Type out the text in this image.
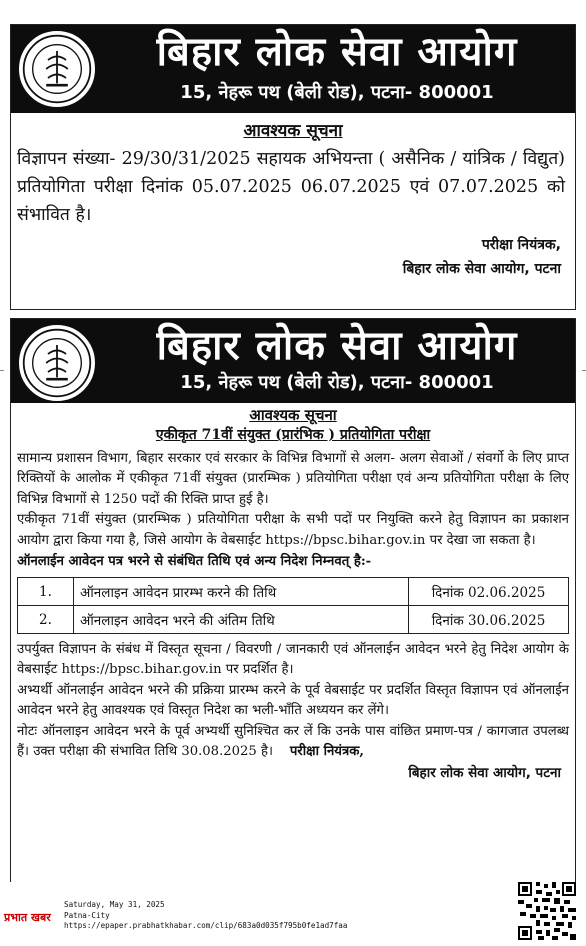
बिहार लोक सेवा आयोग
15, नेहरू पथ (बेली रोड), पटना- 800001
आवश्यक सूचना
विज्ञापन संख्या- 29/30/31/2025 सहायक अभियन्ता ( असैनिक / यांत्रिक / विद्युत) प्रतियोगिता परीक्षा दिनांक 05.07.2025 06.07.2025 एवं 07.07.2025 को संभावित है।
परीक्षा नियंत्रक,
बिहार लोक सेवा आयोग, पटना
बिहार लोक सेवा आयोग
15, नेहरू पथ (बेली रोड), पटना- 800001
आवश्यक सूचना
एकीकृत 71वीं संयुक्त (प्रारंभिक ) प्रतियोगिता परीक्षा
सामान्य प्रशासन विभाग, बिहार सरकार एवं सरकार के विभिन्न विभागों से अलग- अलग सेवाओं / संवर्गो के लिए प्राप्त रिक्तियों के आलोक में एकीकृत 71वीं संयुक्त (प्रारम्भिक ) प्रतियोगिता परीक्षा एवं अन्य प्रतियोगिता परीक्षा के लिए विभिन्न विभागों से 1250 पदों की रिक्ति प्राप्त हुई है।
एकीकृत 71वीं संयुक्त (प्रारम्भिक ) प्रतियोगिता परीक्षा के सभी पदों पर नियुक्ति करने हेतु विज्ञापन का प्रकाशन आयोग द्वारा किया गया है, जिसे आयोग के वेबसाईट https://bpsc.bihar.gov.in पर देखा जा सकता है।
ऑनलाईन आवेदन पत्र भरने से संबंधित तिथि एवं अन्य निदेश निम्नवत् है:-
1.	ऑनलाइन आवेदन प्रारम्भ करने की तिथि	दिनांक 02.06.2025
2.	ऑनलाइन आवेदन भरने की अंतिम तिथि	दिनांक 30.06.2025
उपर्युक्त विज्ञापन के संबंध में विस्तृत सूचना / विवरणी / जानकारी एवं ऑनलाईन आवेदन भरने हेतु निदेश आयोग के वेबसाईट https://bpsc.bihar.gov.in पर प्रदर्शित है।
अभ्यर्थी ऑनलाईन आवेदन भरने की प्रक्रिया प्रारम्भ करने के पूर्व वेबसाईट पर प्रदर्शित विस्तृत विज्ञापन एवं ऑनलाईन आवेदन भरने हेतु आवश्यक एवं विस्तृत निदेश का भली-भाँति अध्ययन कर लेंगे।
नोटः ऑनलाइन आवेदन भरने के पूर्व अभ्यर्थी सुनिश्चित कर लें कि उनके पास वांछित प्रमाण-पत्र / कागजात उपलब्ध हैं। उक्त परीक्षा की संभावित तिथि 30.08.2025 है। परीक्षा नियंत्रक,
बिहार लोक सेवा आयोग, पटना
प्रभात खबर
Saturday, May 31, 2025
Patna-City
https://epaper.prabhatkhabar.com/clip/683a0d035f795b0fe1ad7faa
